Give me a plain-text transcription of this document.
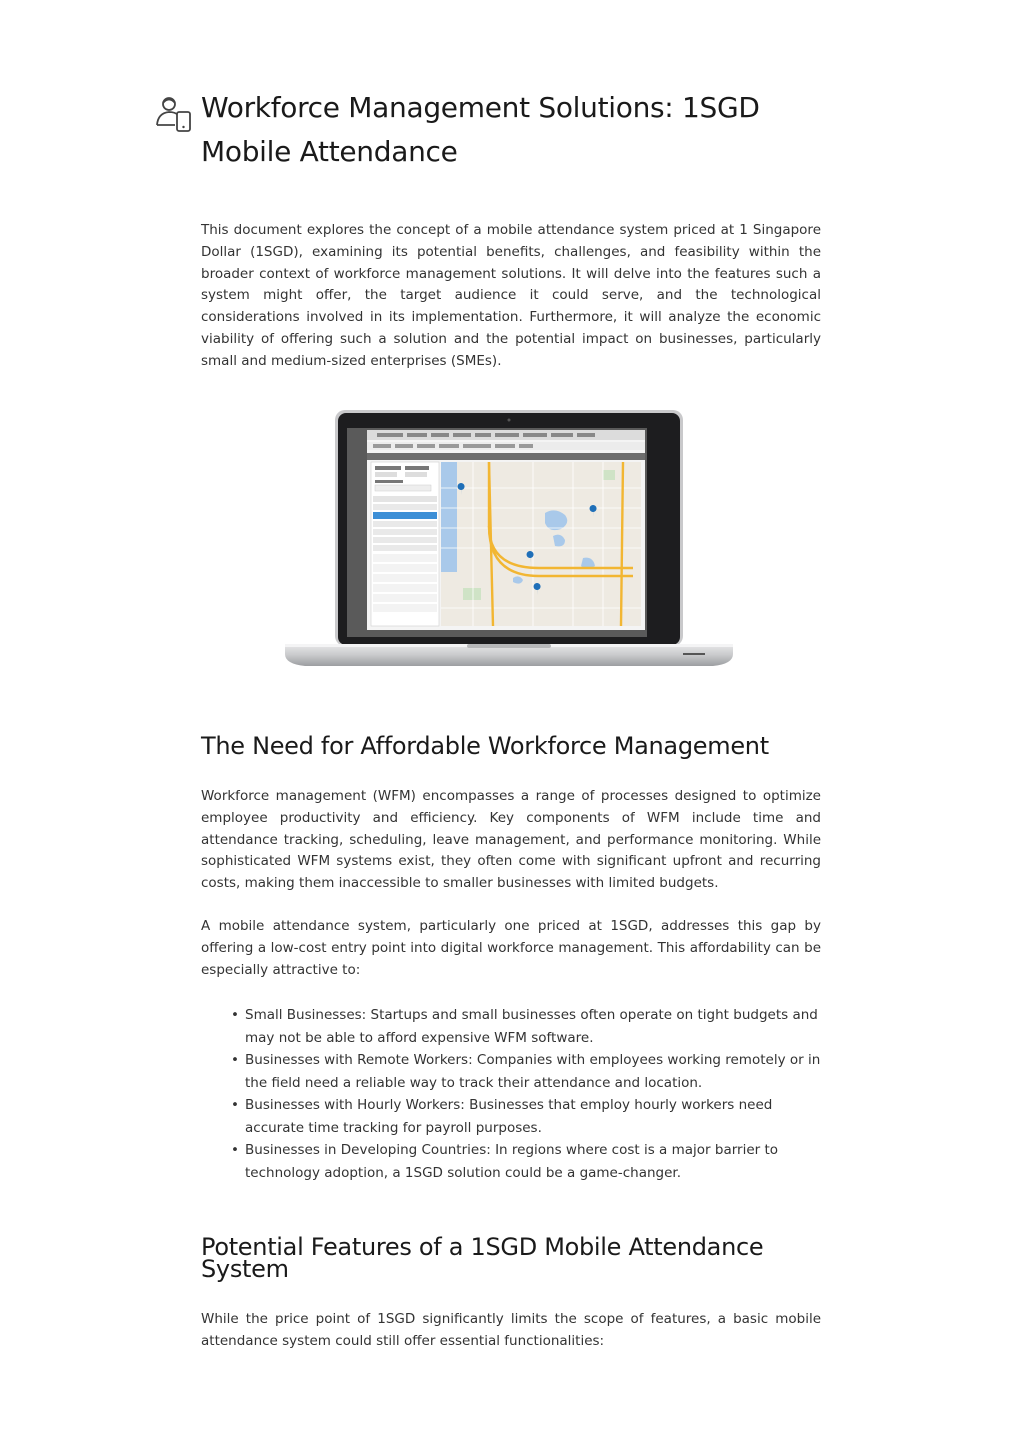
Workforce Management Solutions: 1SGD Mobile Attendance

This document explores the concept of a mobile attendance system priced at 1 Singapore Dollar (1SGD), examining its potential benefits, challenges, and feasibility within the broader context of workforce management solutions. It will delve into the features such a system might offer, the target audience it could serve, and the technological considerations involved in its implementation. Furthermore, it will analyze the economic viability of offering such a solution and the potential impact on businesses, particularly small and medium-sized enterprises (SMEs).

The Need for Affordable Workforce Management

Workforce management (WFM) encompasses a range of processes designed to optimize employee productivity and efficiency. Key components of WFM include time and attendance tracking, scheduling, leave management, and performance monitoring. While sophisticated WFM systems exist, they often come with significant upfront and recurring costs, making them inaccessible to smaller businesses with limited budgets.

A mobile attendance system, particularly one priced at 1SGD, addresses this gap by offering a low-cost entry point into digital workforce management. This affordability can be especially attractive to:

• Small Businesses: Startups and small businesses often operate on tight budgets and may not be able to afford expensive WFM software.
• Businesses with Remote Workers: Companies with employees working remotely or in the field need a reliable way to track their attendance and location.
• Businesses with Hourly Workers: Businesses that employ hourly workers need accurate time tracking for payroll purposes.
• Businesses in Developing Countries: In regions where cost is a major barrier to technology adoption, a 1SGD solution could be a game-changer.
Potential Features of a 1SGD Mobile Attendance System

While the price point of 1SGD significantly limits the scope of features, a basic mobile attendance system could still offer essential functionalities:
